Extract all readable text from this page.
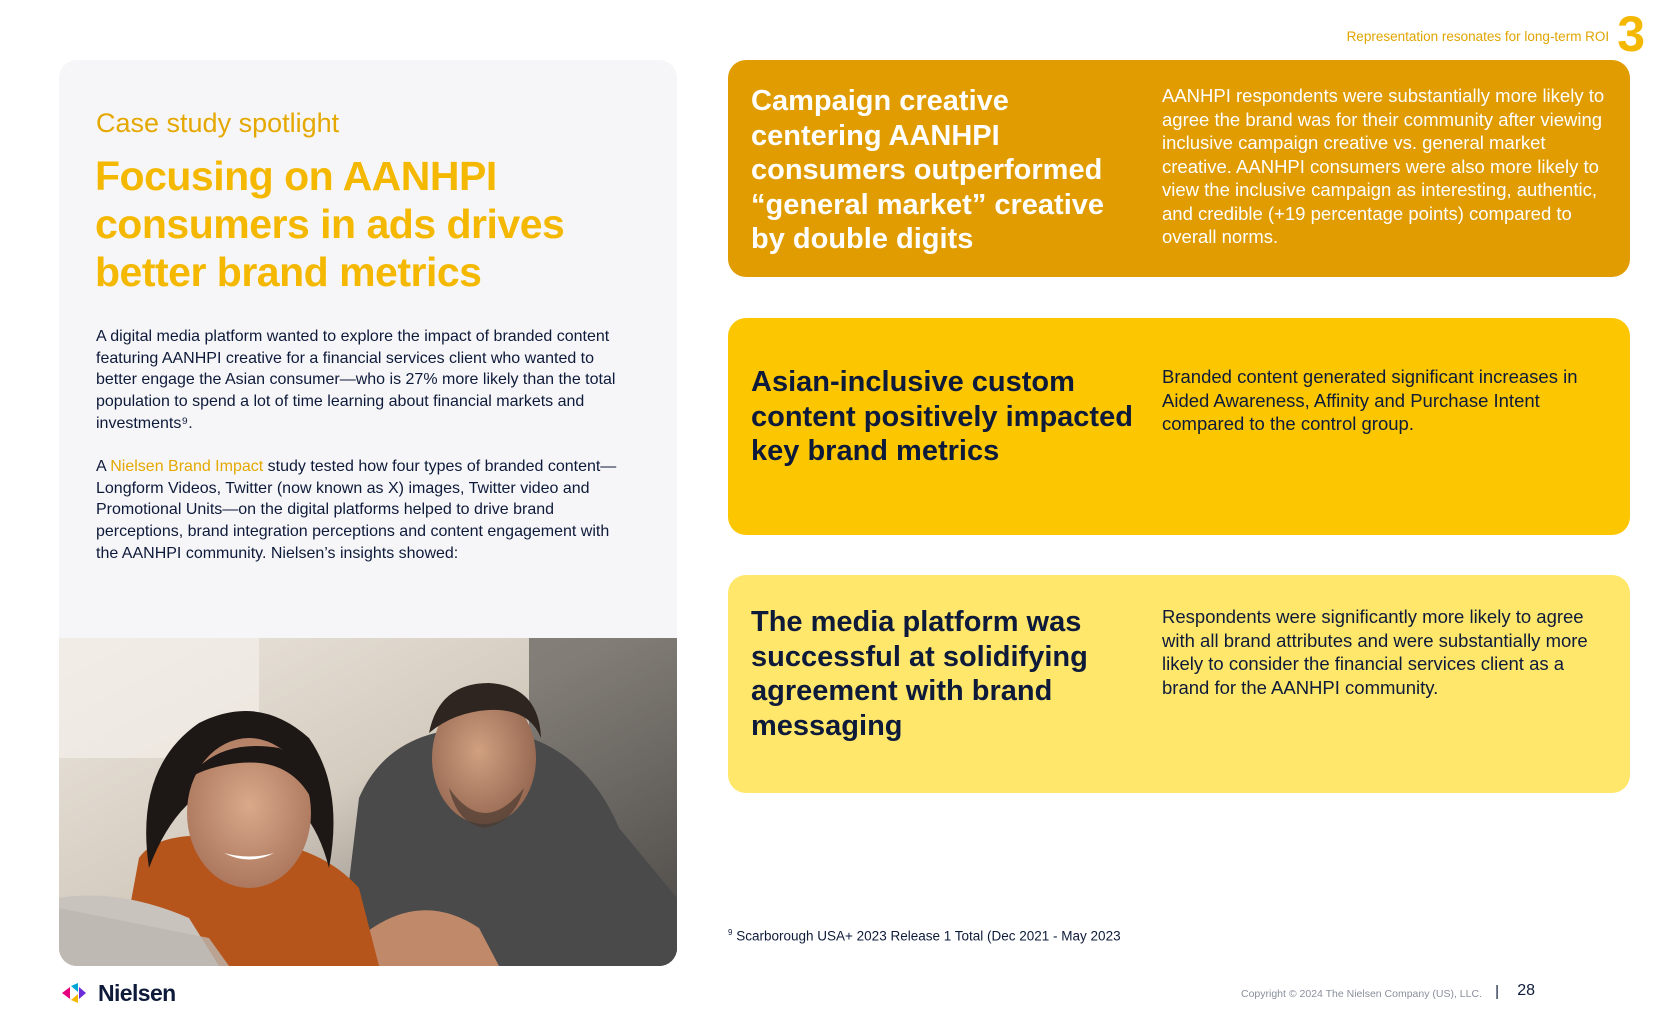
Representation resonates for long-term ROI 3
Case study spotlight
Focusing on AANHPI consumers in ads drives better brand metrics
A digital media platform wanted to explore the impact of branded content featuring AANHPI creative for a financial services client who wanted to better engage the Asian consumer—who is 27% more likely than the total population to spend a lot of time learning about financial markets and investments⁹.
A Nielsen Brand Impact study tested how four types of branded content—Longform Videos, Twitter (now known as X) images, Twitter video and Promotional Units—on the digital platforms helped to drive brand perceptions, brand integration perceptions and content engagement with the AANHPI community. Nielsen’s insights showed:
Campaign creative centering AANHPI consumers outperformed “general market” creative by double digits
AANHPI respondents were substantially more likely to agree the brand was for their community after viewing inclusive campaign creative vs. general market creative. AANHPI consumers were also more likely to view the inclusive campaign as interesting, authentic, and credible (+19 percentage points) compared to overall norms.
Asian-inclusive custom content positively impacted key brand metrics
Branded content generated significant increases in Aided Awareness, Affinity and Purchase Intent compared to the control group.
The media platform was successful at solidifying agreement with brand messaging
Respondents were significantly more likely to agree with all brand attributes and were substantially more likely to consider the financial services client as a brand for the AANHPI community.
$^9$ Scarborough USA+ 2023 Release 1 Total (Dec 2021 - May 2023
Nielsen	Copyright © 2024 The Nielsen Company (US), LLC. | 28
